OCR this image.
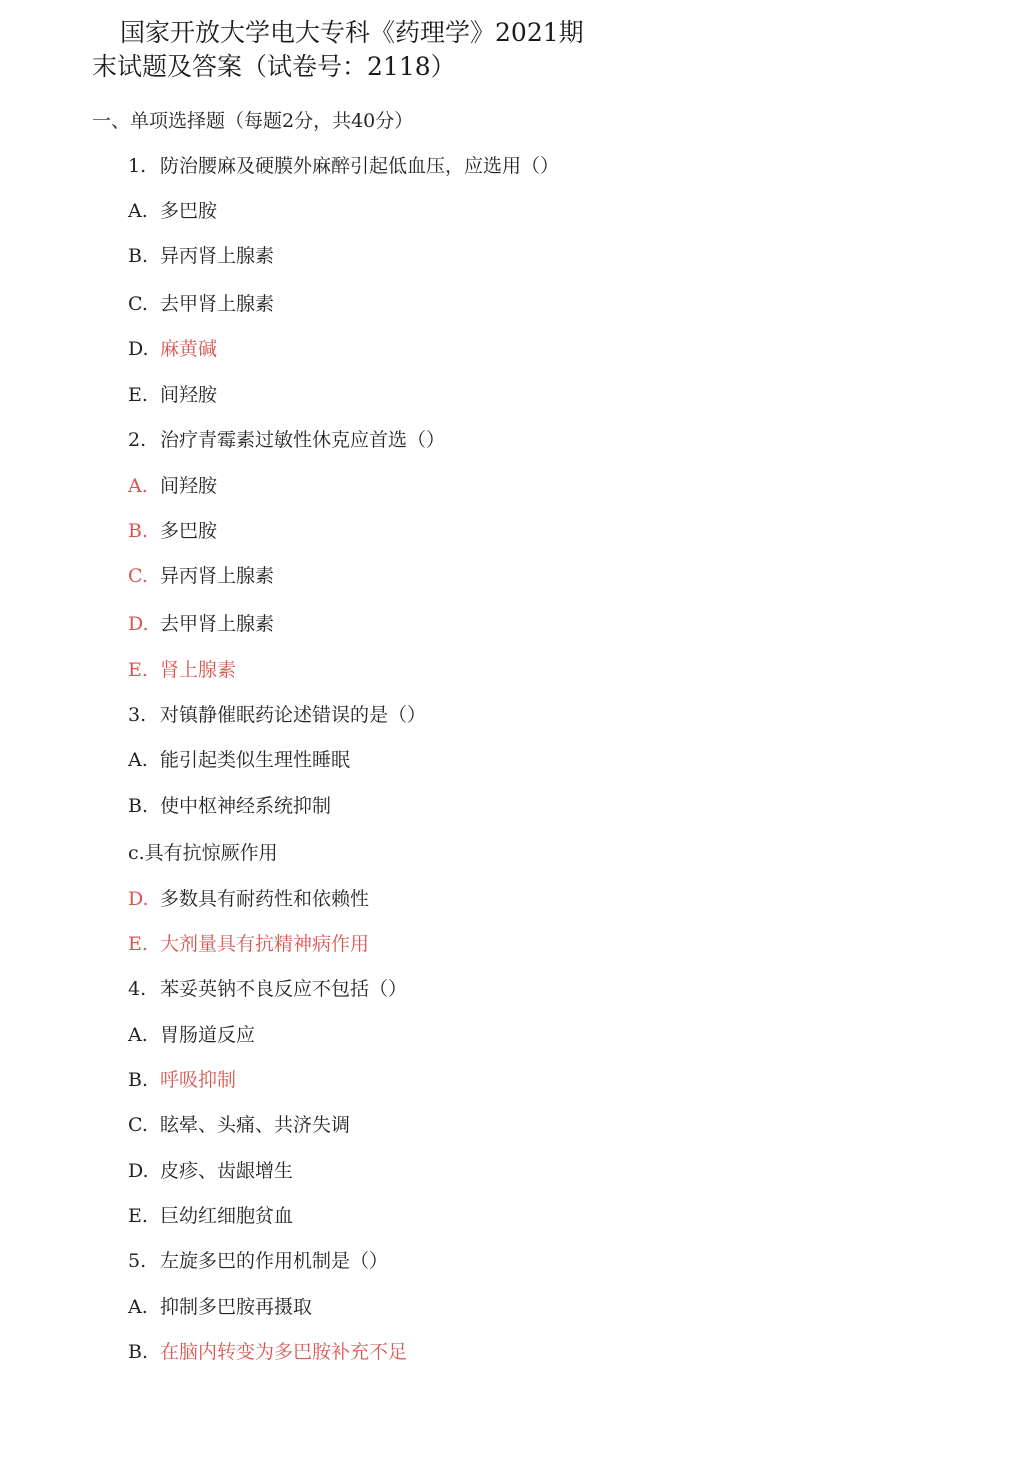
国家开放大学电大专科《药理学》2021期
末试题及答案（试卷号：2118）
一、单项选择题（每题2分，共40分）
1. 防治腰麻及硬膜外麻醉引起低血压，应选用（）
A. 多巴胺
B. 异丙肾上腺素
C. 去甲肾上腺素
D. 麻黄碱
E. 间羟胺
2. 治疗青霉素过敏性休克应首选（）
A. 间羟胺
B. 多巴胺
C. 异丙肾上腺素
D. 去甲肾上腺素
E. 肾上腺素
3. 对镇静催眠药论述错误的是（）
A. 能引起类似生理性睡眠
B. 使中枢神经系统抑制
c.具有抗惊厥作用
D. 多数具有耐药性和依赖性
E. 大剂量具有抗精神病作用
4. 苯妥英钠不良反应不包括（）
A. 胃肠道反应
B. 呼吸抑制
C. 眩晕、头痛、共济失调
D. 皮疹、齿龈增生
E. 巨幼红细胞贫血
5. 左旋多巴的作用机制是（）
A. 抑制多巴胺再摄取
B. 在脑内转变为多巴胺补充不足
